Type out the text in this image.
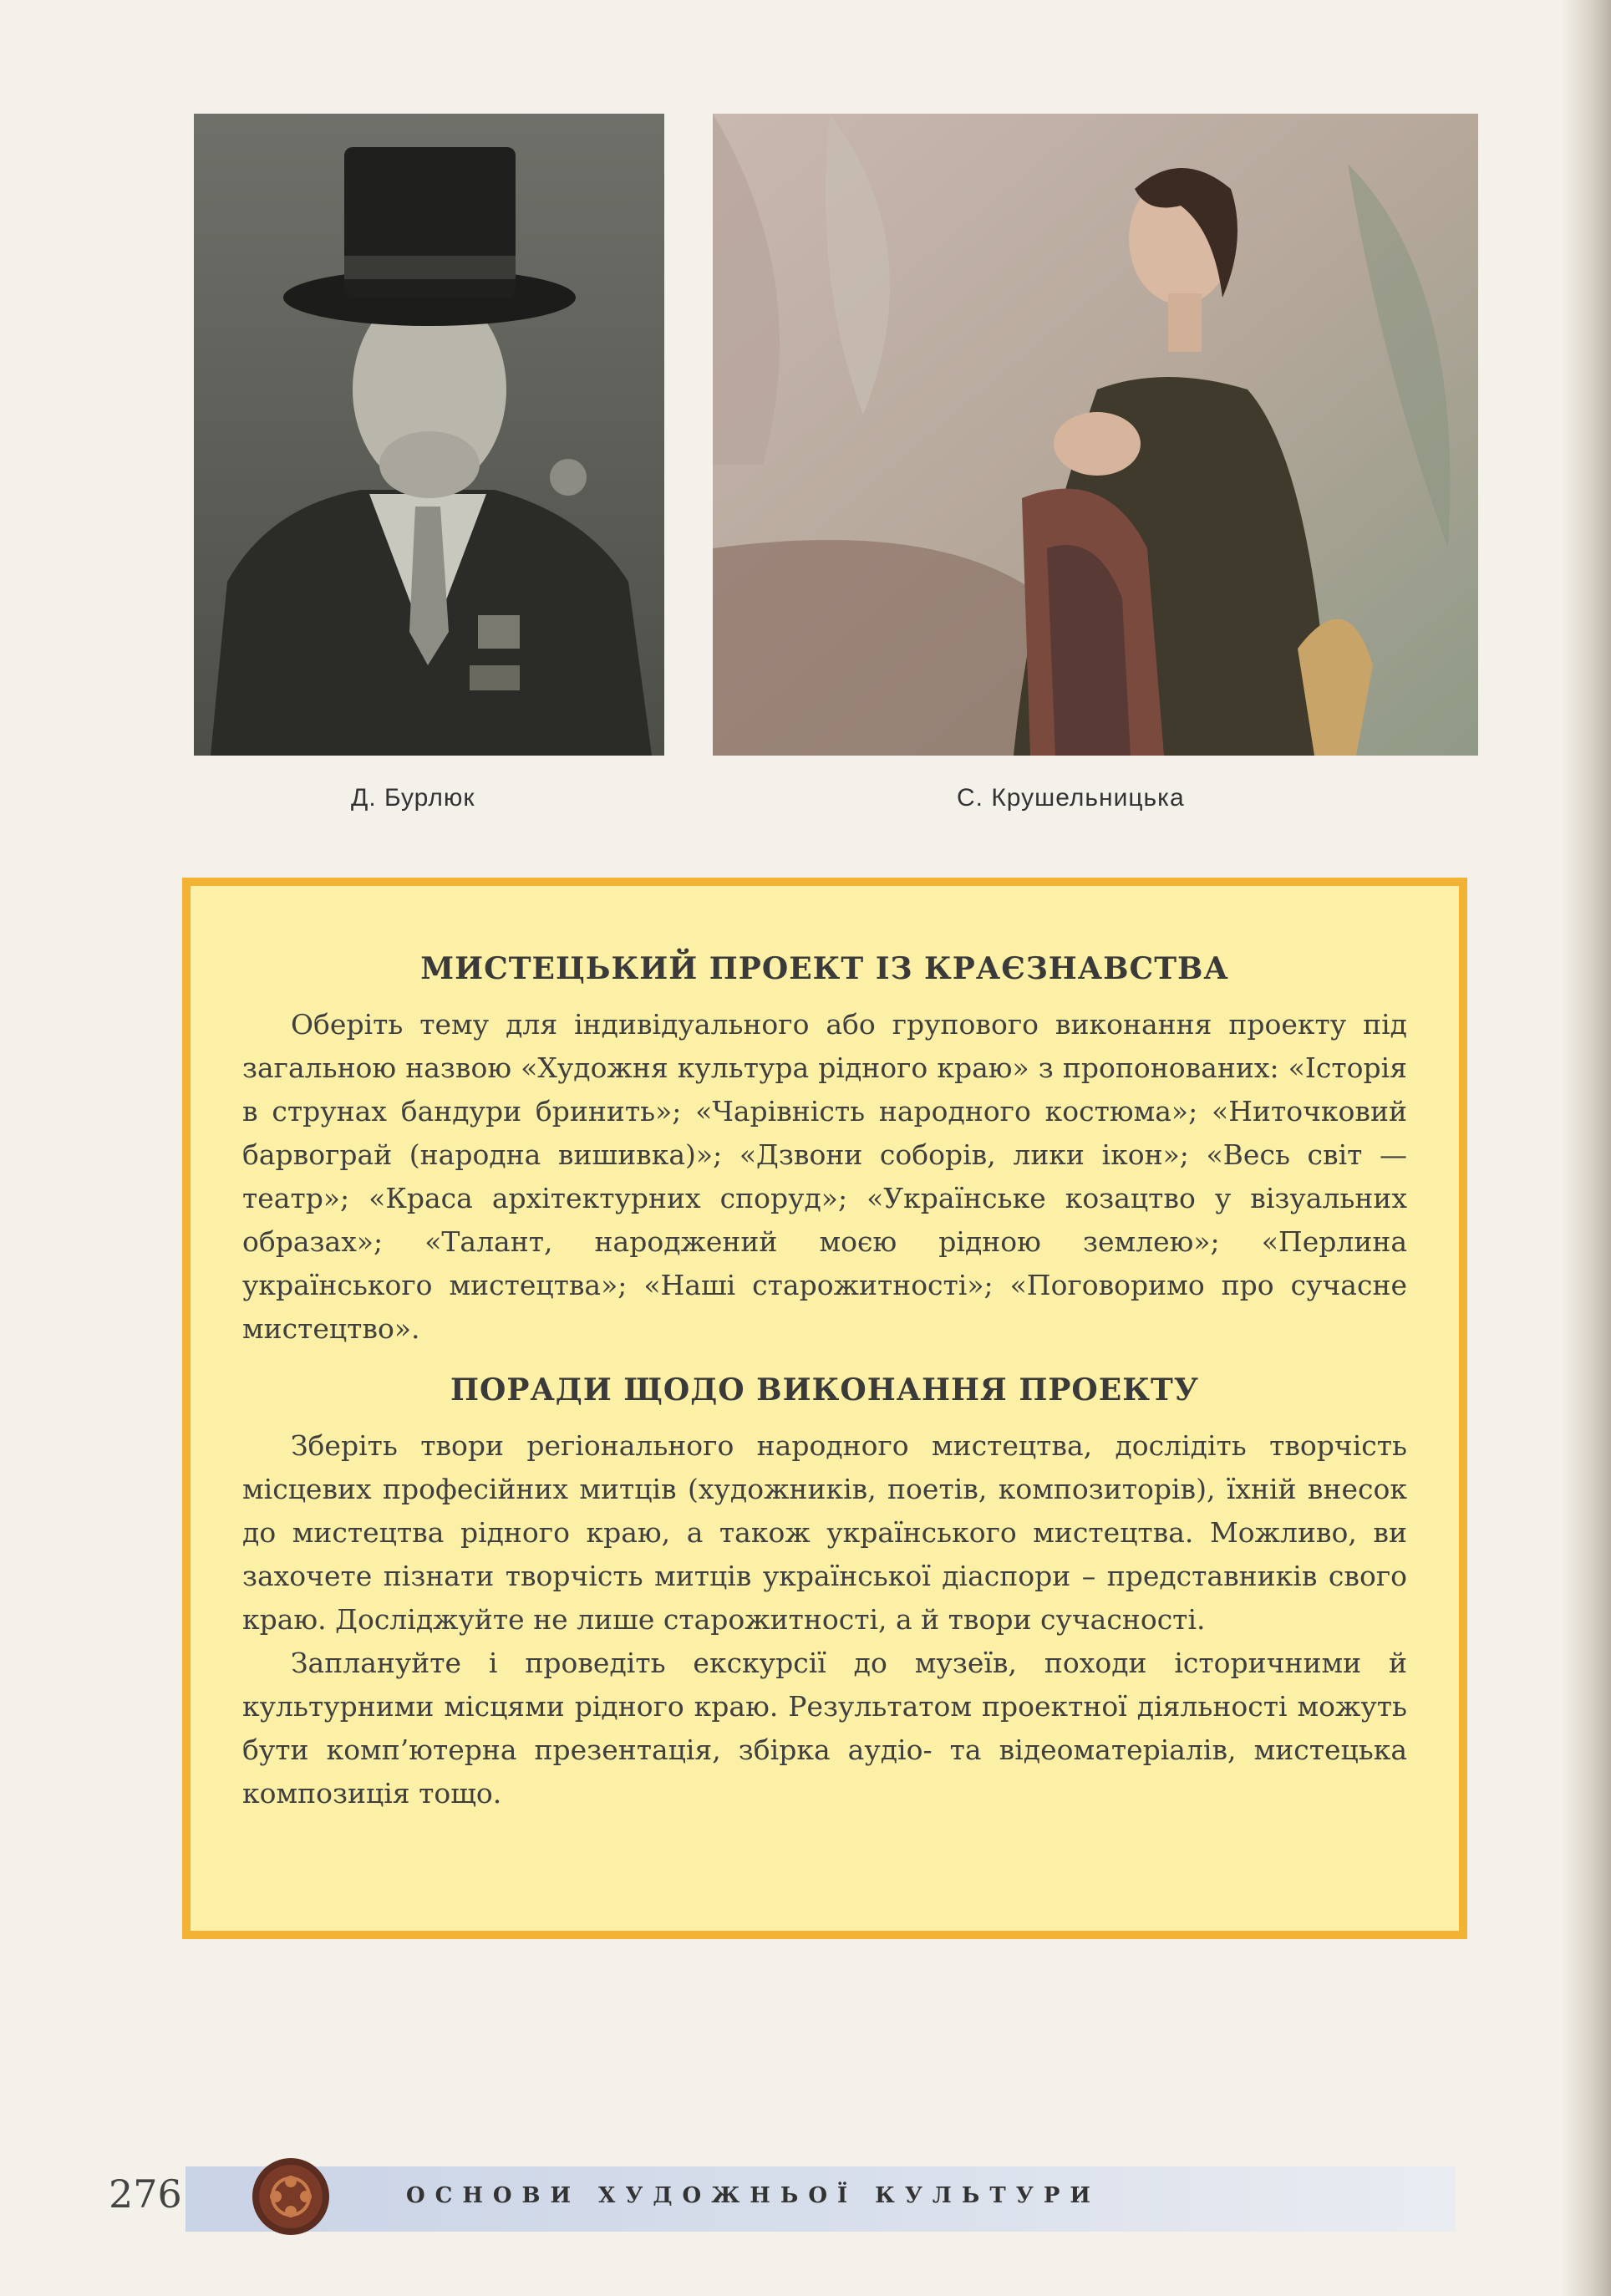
Д. Бурлюк	С. Крушельницька

МИСТЕЦЬКИЙ ПРОЕКТ ІЗ КРАЄЗНАВСТВА

Оберіть тему для індивідуального або групового виконання проекту під загальною назвою «Художня культура рідного краю» з пропонованих: «Історія в струнах бандури бринить»; «Чарівність народного костюма»; «Ниточковий барвограй (народна вишивка)»; «Дзвони соборів, лики ікон»; «Весь світ — театр»; «Краса архітектурних споруд»; «Українське козацтво у візуальних образах»; «Талант, народжений моєю рідною землею»; «Перлина українського мистецтва»; «Наші старожитності»; «Поговоримо про сучасне мистецтво».

ПОРАДИ ЩОДО ВИКОНАННЯ ПРОЕКТУ

Зберіть твори регіонального народного мистецтва, дослідіть творчість місцевих професійних митців (художників, поетів, композиторів), їхній внесок до мистецтва рідного краю, а також українського мистецтва. Можливо, ви захочете пізнати творчість митців української діаспори – представників свого краю. Досліджуйте не лише старожитності, а й твори сучасності.

Заплануйте і проведіть екскурсії до музеїв, походи історичними й культурними місцями рідного краю. Результатом проектної діяльності можуть бути комп’ютерна презентація, збірка аудіо- та відеоматеріалів, мистецька композиція тощо.

276	ОСНОВИ ХУДОЖНЬОЇ КУЛЬТУРИ
